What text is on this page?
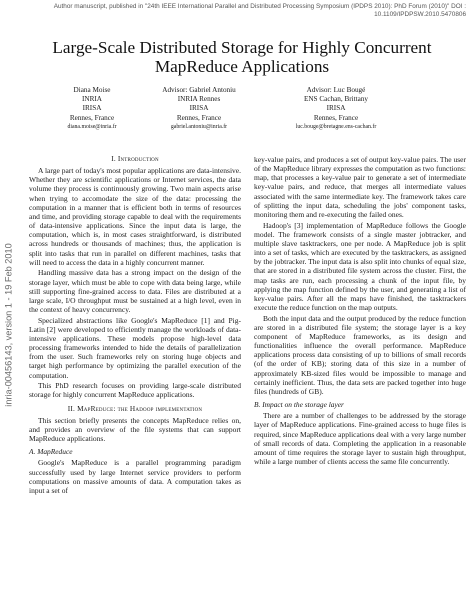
Author manuscript, published in "24th IEEE International Parallel and Distributed Processing Symposium (IPDPS 2010): PhD Forum (2010)" DOI : 10.1109/IPDPSW.2010.5470806
inria-00456143, version 1 - 19 Feb 2010
Large-Scale Distributed Storage for Highly Concurrent MapReduce Applications
Diana Moise
INRIA
IRISA
Rennes, France
diana.moise@inria.fr
Advisor: Gabriel Antoniu
INRIA Rennes
IRISA
Rennes, France
gabriel.antoniu@inria.fr
Advisor: Luc Bougé
ENS Cachan, Brittany
IRISA
Rennes, France
luc.bouge@bretagne.ens-cachan.fr
I. Introduction

A large part of today's most popular applications are data-intensive. Whether they are scientific applications or Internet services, the data volume they process is continuously growing. Two main aspects arise when trying to accomodate the size of the data: processing the computation in a manner that is efficient both in terms of resources and time, and providing storage capable to deal with the requirements of data-intensive applications. Since the input data is large, the computation, which is, in most cases straightforward, is distributed across hundreds or thousands of machines; thus, the application is split into tasks that run in parallel on different machines, tasks that will need to access the data in a highly concurrent manner.

Handling massive data has a strong impact on the design of the storage layer, which must be able to cope with data being large, while still supporting fine-grained access to data. Files are distributed at a large scale, I/O throughput must be sustained at a high level, even in the context of heavy concurrency.

Specialized abstractions like Google's MapReduce [1] and Pig-Latin [2] were developed to efficiently manage the workloads of data-intensive applications. These models propose high-level data processing frameworks intended to hide the details of parallelization from the user. Such frameworks rely on storing huge objects and target high performance by optimizing the parallel execution of the computation.

This PhD research focuses on providing large-scale distributed storage for highly concurrent MapReduce applications.

II. MapReduce: the Hadoop implementation

This section briefly presents the concepts MapReduce relies on, and provides an overview of the file systems that can support MapReduce applications.

A. MapReduce

Google's MapReduce is a parallel programming paradigm successfully used by large Internet service providers to perform computations on massive amounts of data. A computation takes as input a set of

key-value pairs, and produces a set of output key-value pairs. The user of the MapReduce library expresses the computation as two functions: map, that processes a key-value pair to generate a set of intermediate key-value pairs, and reduce, that merges all intermediate values associated with the same intermediate key. The framework takes care of splitting the input data, scheduling the jobs' component tasks, monitoring them and re-executing the failed ones.

Hadoop's [3] implementation of MapReduce follows the Google model. The framework consists of a single master jobtracker, and multiple slave tasktrackers, one per node. A MapReduce job is split into a set of tasks, which are executed by the tasktrackers, as assigned by the jobtracker. The input data is also split into chunks of equal size, that are stored in a distributed file system across the cluster. First, the map tasks are run, each processing a chunk of the input file, by applying the map function defined by the user, and generating a list of key-value pairs. After all the maps have finished, the tasktrackers execute the reduce function on the map outputs.

Both the input data and the output produced by the reduce function are stored in a distributed file system; the storage layer is a key component of MapReduce frameworks, as its design and functionalities influence the overall performance. MapReduce applications process data consisting of up to billions of small records (of the order of KB); storing data of this size in a number of approximately KB-sized files would be impossible to manage and certainly inefficient. Thus, the data sets are packed together into huge files (hundreds of GB).

B. Impact on the storage layer

There are a number of challenges to be addressed by the storage layer of MapReduce applications. Fine-grained access to huge files is required, since MapReduce applications deal with a very large number of small records of data. Completing the application in a reasonable amount of time requires the storage layer to sustain high throughput, while a large number of clients access the same file concurrently.
